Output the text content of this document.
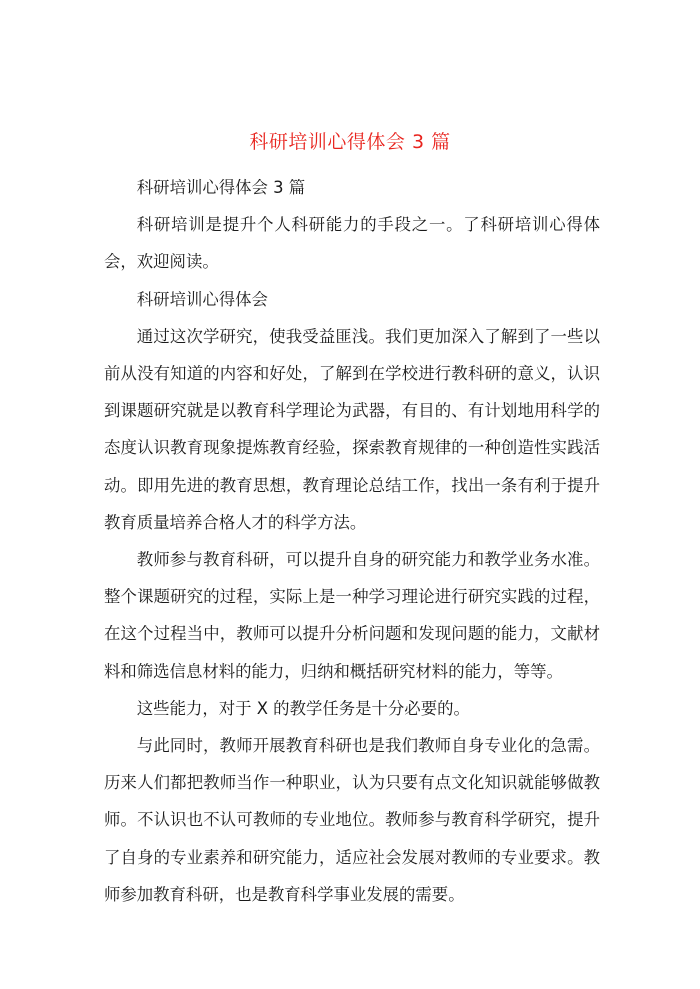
科研培训心得体会 3 篇

科研培训心得体会 3 篇

科研培训是提升个人科研能力的手段之一。了科研培训心得体会，欢迎阅读。

科研培训心得体会

通过这次学研究，使我受益匪浅。我们更加深入了解到了一些以前从没有知道的内容和好处，了解到在学校进行教科研的意义，认识到课题研究就是以教育科学理论为武器，有目的、有计划地用科学的态度认识教育现象提炼教育经验，探索教育规律的一种创造性实践活动。即用先进的教育思想，教育理论总结工作，找出一条有利于提升教育质量培养合格人才的科学方法。

教师参与教育科研，可以提升自身的研究能力和教学业务水准。整个课题研究的过程，实际上是一种学习理论进行研究实践的过程，在这个过程当中，教师可以提升分析问题和发现问题的能力，文献材料和筛选信息材料的能力，归纳和概括研究材料的能力，等等。

这些能力，对于 X 的教学任务是十分必要的。

与此同时，教师开展教育科研也是我们教师自身专业化的急需。历来人们都把教师当作一种职业，认为只要有点文化知识就能够做教师。不认识也不认可教师的专业地位。教师参与教育科学研究，提升了自身的专业素养和研究能力，适应社会发展对教师的专业要求。教师参加教育科研，也是教育科学事业发展的需要。
